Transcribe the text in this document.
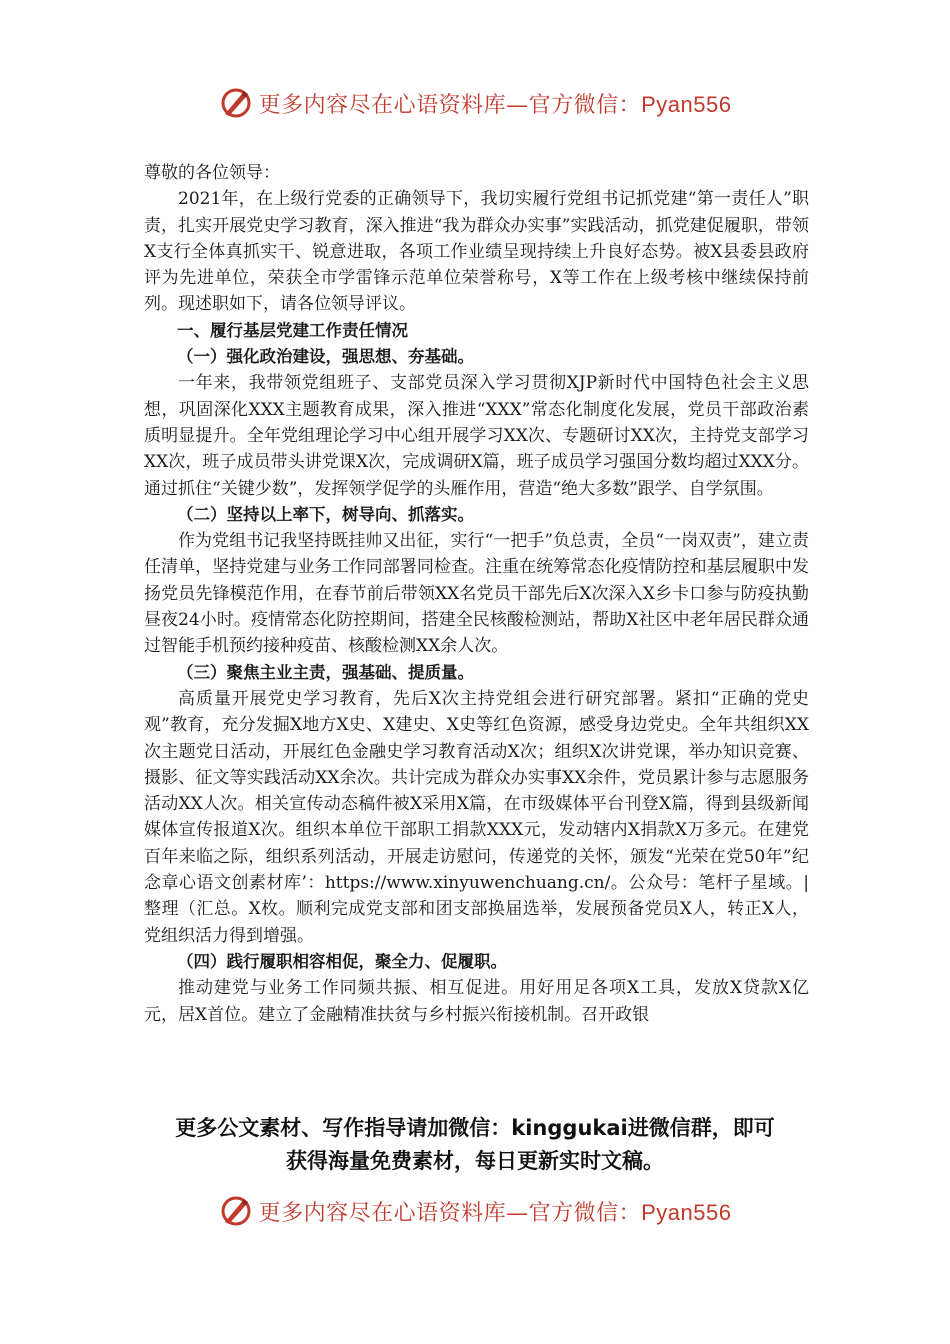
更多内容尽在心语资料库—官方微信：Pyan556

尊敬的各位领导：

2021年，在上级行党委的正确领导下，我切实履行党组书记抓党建“第一责任人”职责，扎实开展党史学习教育，深入推进“我为群众办实事”实践活动，抓党建促履职，带领X支行全体真抓实干、锐意进取，各项工作业绩呈现持续上升良好态势。被X县委县政府评为先进单位，荣获全市学雷锋示范单位荣誉称号，X等工作在上级考核中继续保持前列。现述职如下，请各位领导评议。

一、履行基层党建工作责任情况

（一）强化政治建设，强思想、夯基础。

一年来，我带领党组班子、支部党员深入学习贯彻XJP新时代中国特色社会主义思想，巩固深化XXX主题教育成果，深入推进“XXX”常态化制度化发展，党员干部政治素质明显提升。全年党组理论学习中心组开展学习XX次、专题研讨XX次，主持党支部学习XX次，班子成员带头讲党课X次，完成调研X篇，班子成员学习强国分数均超过XXX分。通过抓住“关键少数”，发挥领学促学的头雁作用，营造“绝大多数”跟学、自学氛围。

（二）坚持以上率下，树导向、抓落实。

作为党组书记我坚持既挂帅又出征，实行“一把手”负总责，全员“一岗双责”，建立责任清单，坚持党建与业务工作同部署同检查。注重在统筹常态化疫情防控和基层履职中发扬党员先锋模范作用，在春节前后带领XX名党员干部先后X次深入X乡卡口参与防疫执勤昼夜24小时。疫情常态化防控期间，搭建全民核酸检测站，帮助X社区中老年居民群众通过智能手机预约接种疫苗、核酸检测XX余人次。

（三）聚焦主业主责，强基础、提质量。

高质量开展党史学习教育，先后X次主持党组会进行研究部署。紧扣“正确的党史观”教育，充分发掘X地方X史、X建史、X史等红色资源，感受身边党史。全年共组织XX次主题党日活动，开展红色金融史学习教育活动X次；组织X次讲党课，举办知识竞赛、摄影、征文等实践活动XX余次。共计完成为群众办实事XX余件，党员累计参与志愿服务活动XX人次。相关宣传动态稿件被X采用X篇，在市级媒体平台刊登X篇，得到县级新闻媒体宣传报道X次。组织本单位干部职工捐款XXX元，发动辖内X捐款X万多元。在建党百年来临之际，组织系列活动，开展走访慰问，传递党的关怀，颁发“光荣在党50年”纪念章心语文创素材库’：https://www.xinyuwenchuang.cn/。公众号：笔杆子星域。|整理（汇总。X枚。顺利完成党支部和团支部换届选举，发展预备党员X人，转正X人，党组织活力得到增强。

（四）践行履职相容相促，聚全力、促履职。

推动建党与业务工作同频共振、相互促进。用好用足各项X工具，发放X贷款X亿元，居X首位。建立了金融精准扶贫与乡村振兴衔接机制。召开政银

更多公文素材、写作指导请加微信：kinggukai进微信群，即可
获得海量免费素材，每日更新实时文稿。
更多内容尽在心语资料库—官方微信：Pyan556
